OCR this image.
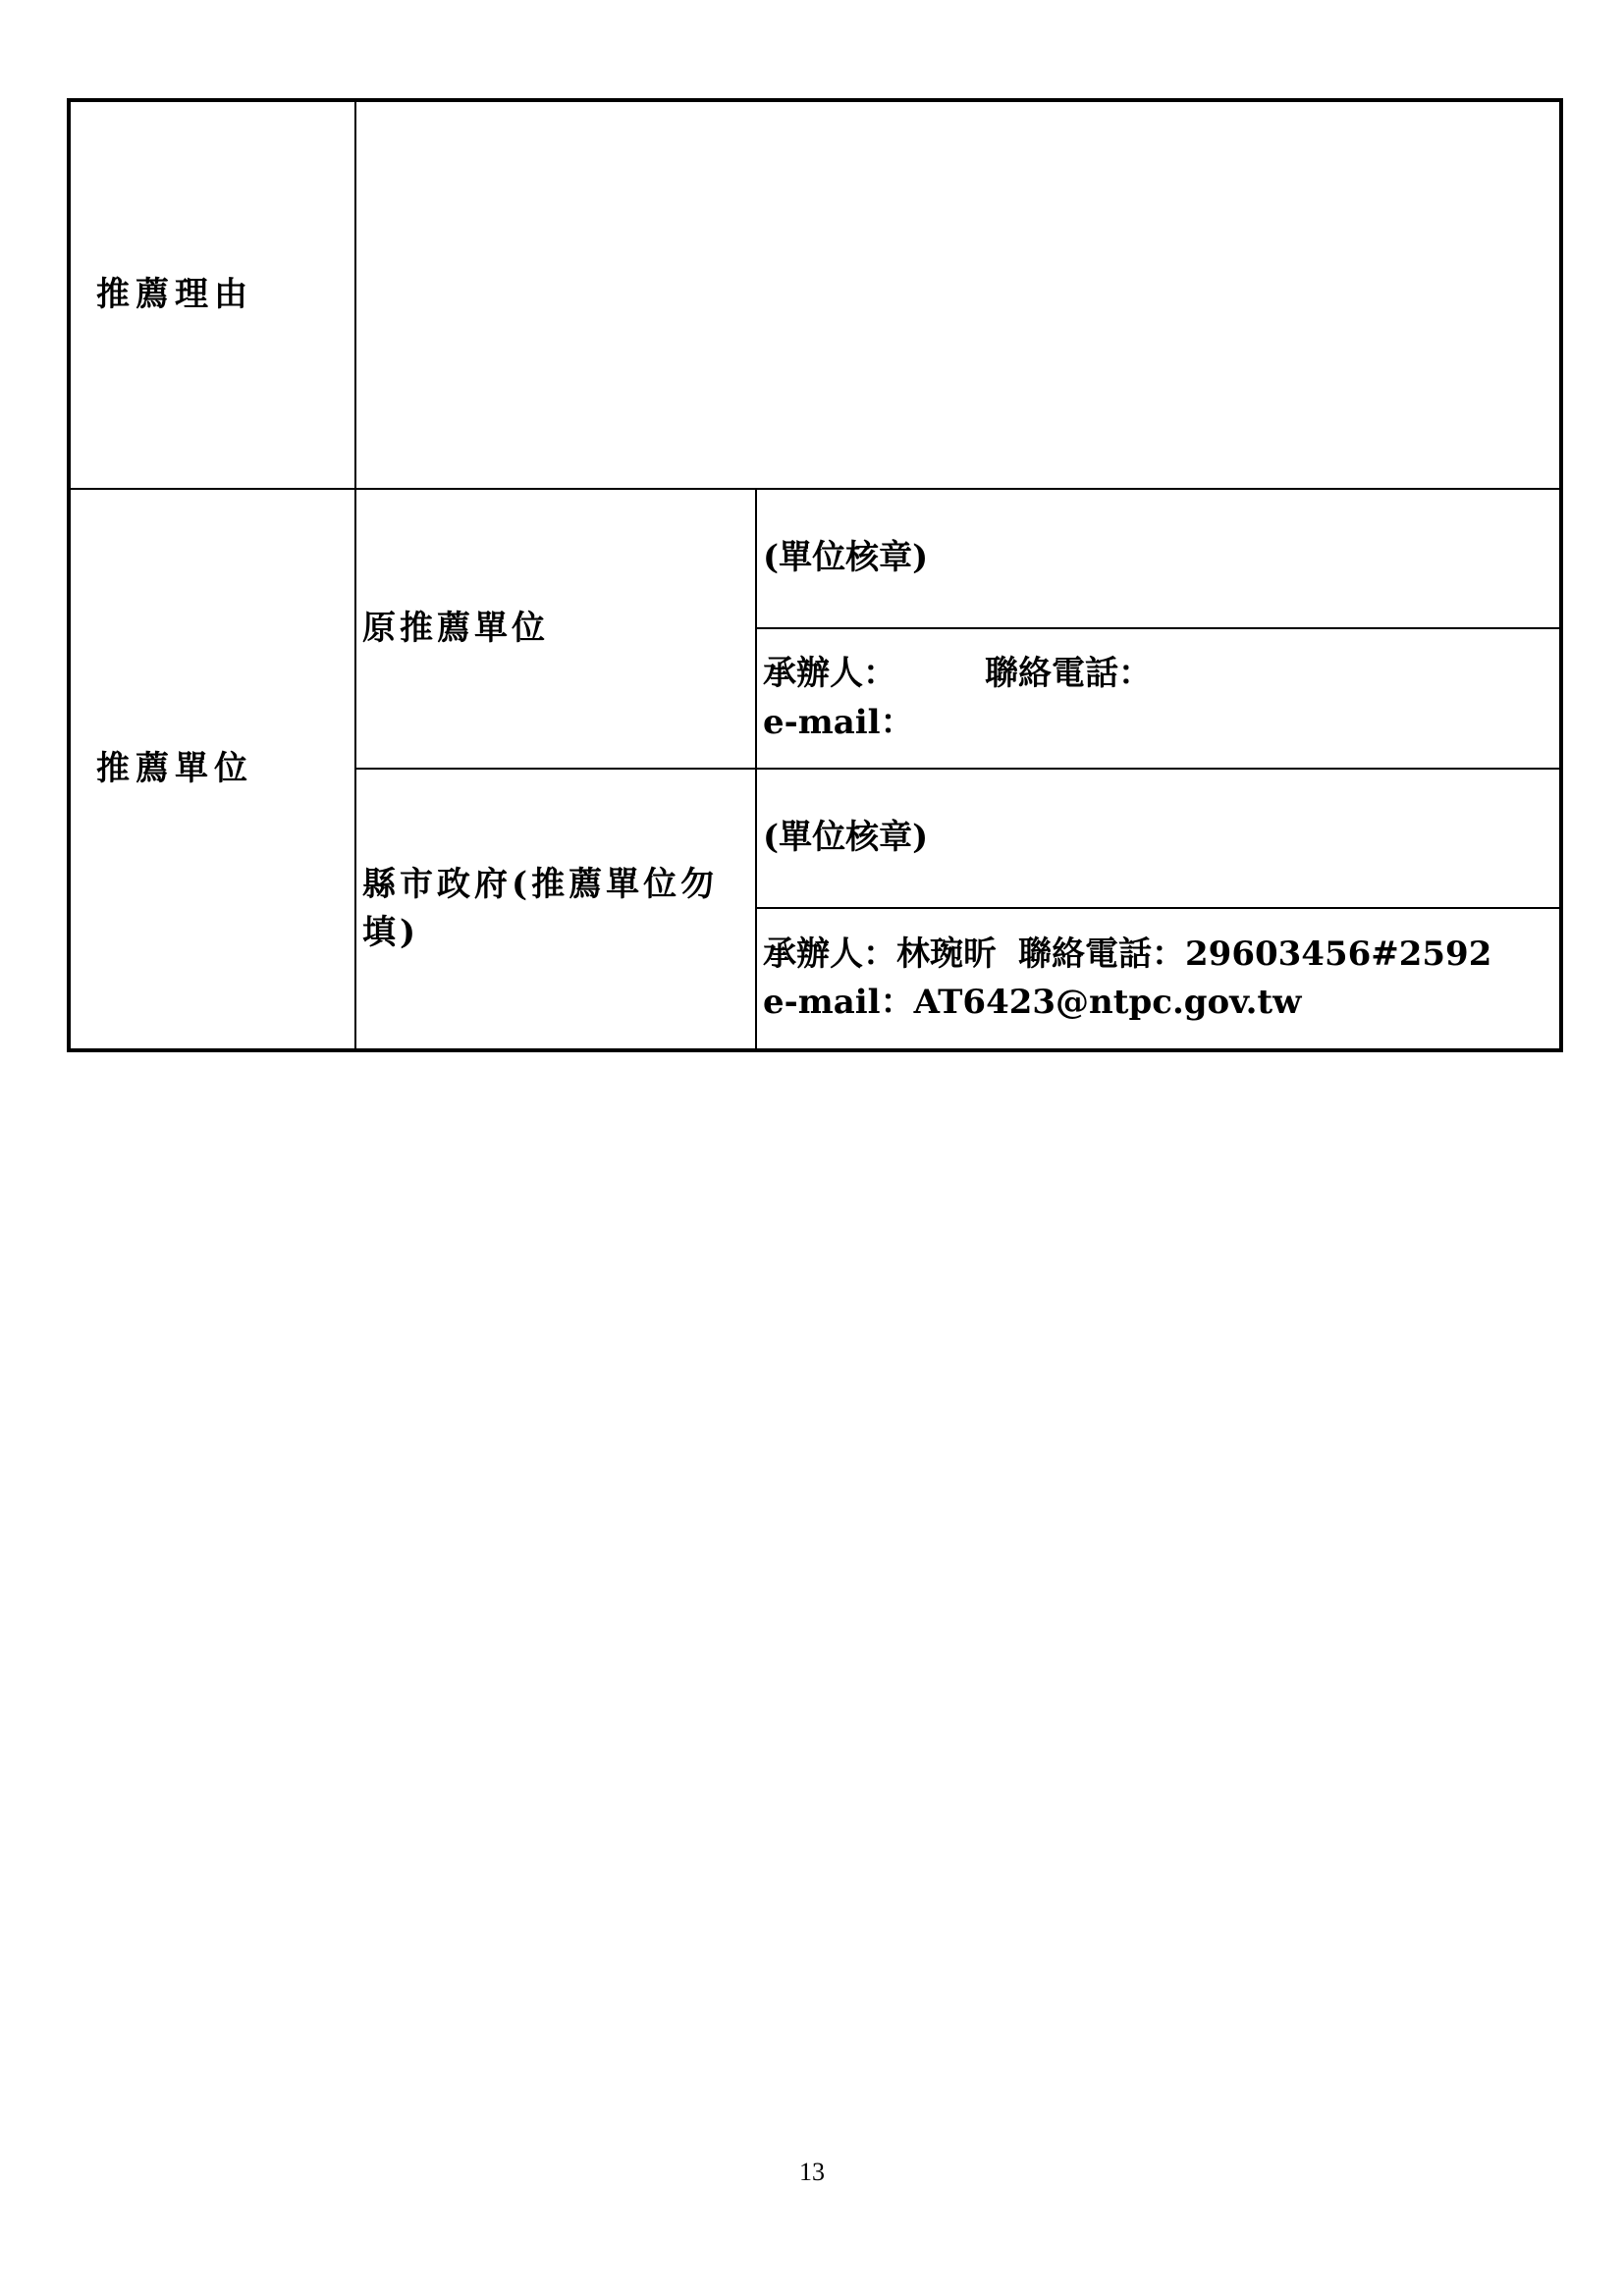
推薦理由		
推薦單位	原推薦單位	(單位核章)

		承辦人： 聯絡電話：
e-mail：

	縣市政府(推薦單位勿填)	(單位核章)

		承辦人：林琬昕 聯絡電話：29603456#2592
e-mail：AT6423@ntpc.gov.tw
13
